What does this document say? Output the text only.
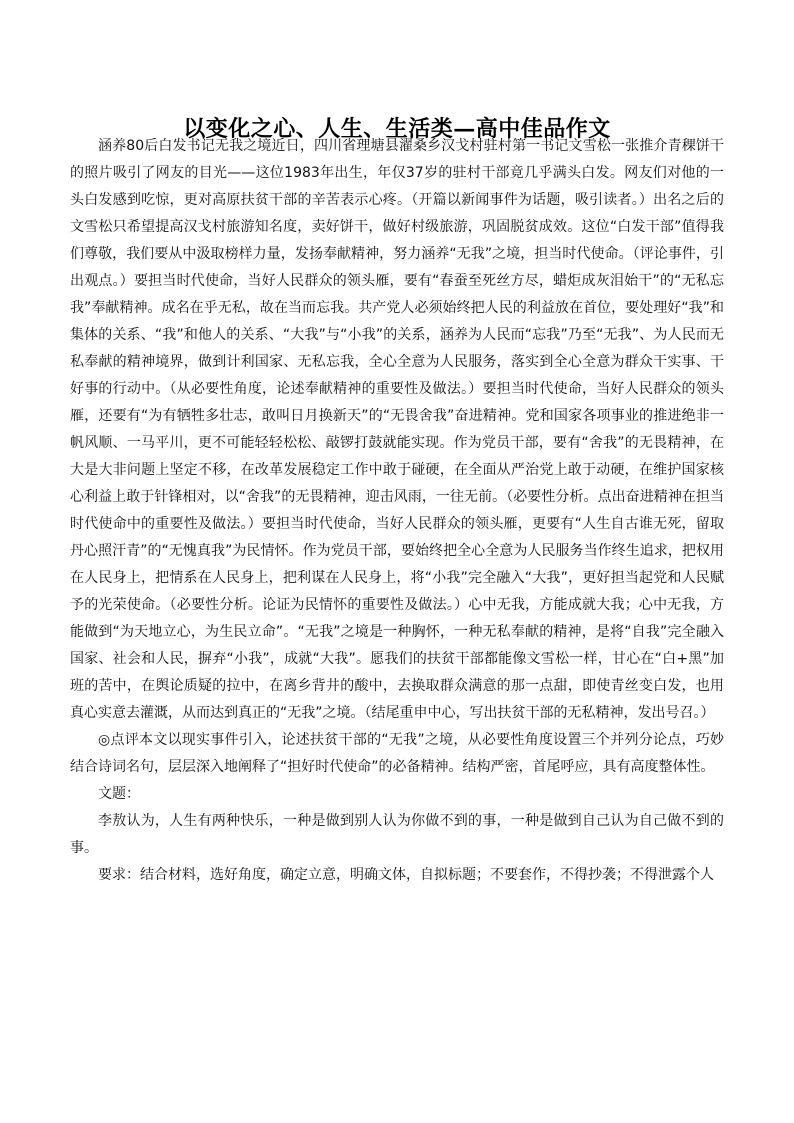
以变化之心、人生、生活类—高中佳品作文

涵养80后白发书记无我之境近日，四川省理塘县濯桑乡汉戈村驻村第一书记文雪松一张推介青稞饼干的照片吸引了网友的目光——这位1983年出生，年仅37岁的驻村干部竟几乎满头白发。网友们对他的一头白发感到吃惊，更对高原扶贫干部的辛苦表示心疼。（开篇以新闻事件为话题，吸引读者。）出名之后的文雪松只希望提高汉戈村旅游知名度，卖好饼干，做好村级旅游，巩固脱贫成效。这位“白发干部”值得我们尊敬，我们要从中汲取榜样力量，发扬奉献精神，努力涵养“无我”之境，担当时代使命。（评论事件，引出观点。）要担当时代使命，当好人民群众的领头雁，要有“春蚕至死丝方尽，蜡炬成灰泪始干”的“无私忘我”奉献精神。成名在乎无私，故在当而忘我。共产党人必须始终把人民的利益放在首位，要处理好“我”和集体的关系、“我”和他人的关系、“大我”与“小我”的关系，涵养为人民而“忘我”乃至“无我”、为人民而无私奉献的精神境界，做到计利国家、无私忘我，全心全意为人民服务，落实到全心全意为群众干实事、干好事的行动中。（从必要性角度，论述奉献精神的重要性及做法。）要担当时代使命，当好人民群众的领头雁，还要有“为有牺牲多壮志，敢叫日月换新天”的“无畏舍我”奋进精神。党和国家各项事业的推进绝非一帆风顺、一马平川，更不可能轻轻松松、敲锣打鼓就能实现。作为党员干部，要有“舍我”的无畏精神，在大是大非问题上坚定不移，在改革发展稳定工作中敢于碰硬，在全面从严治党上敢于动硬，在维护国家核心利益上敢于针锋相对，以“舍我”的无畏精神，迎击风雨，一往无前。（必要性分析。点出奋进精神在担当时代使命中的重要性及做法。）要担当时代使命，当好人民群众的领头雁，更要有“人生自古谁无死，留取丹心照汗青”的“无愧真我”为民情怀。作为党员干部，要始终把全心全意为人民服务当作终生追求，把权用在人民身上，把情系在人民身上，把利谋在人民身上，将“小我”完全融入“大我”，更好担当起党和人民赋予的光荣使命。（必要性分析。论证为民情怀的重要性及做法。）心中无我，方能成就大我；心中无我，方能做到“为天地立心，为生民立命”。“无我”之境是一种胸怀，一种无私奉献的精神，是将“自我”完全融入国家、社会和人民，摒弃“小我”，成就“大我”。愿我们的扶贫干部都能像文雪松一样，甘心在“白+黑”加班的苦中，在舆论质疑的拉中，在离乡背井的酸中，去换取群众满意的那一点甜，即使青丝变白发，也用真心实意去灌溉，从而达到真正的“无我”之境。（结尾重申中心，写出扶贫干部的无私精神，发出号召。）

◎点评本文以现实事件引入，论述扶贫干部的“无我”之境，从必要性角度设置三个并列分论点，巧妙结合诗词名句，层层深入地阐释了“担好时代使命”的必备精神。结构严密，首尾呼应，具有高度整体性。

文题：

李敖认为，人生有两种快乐，一种是做到别人认为你做不到的事，一种是做到自己认为自己做不到的事。

要求：结合材料，选好角度，确定立意，明确文体，自拟标题；不要套作，不得抄袭；不得泄露个人
